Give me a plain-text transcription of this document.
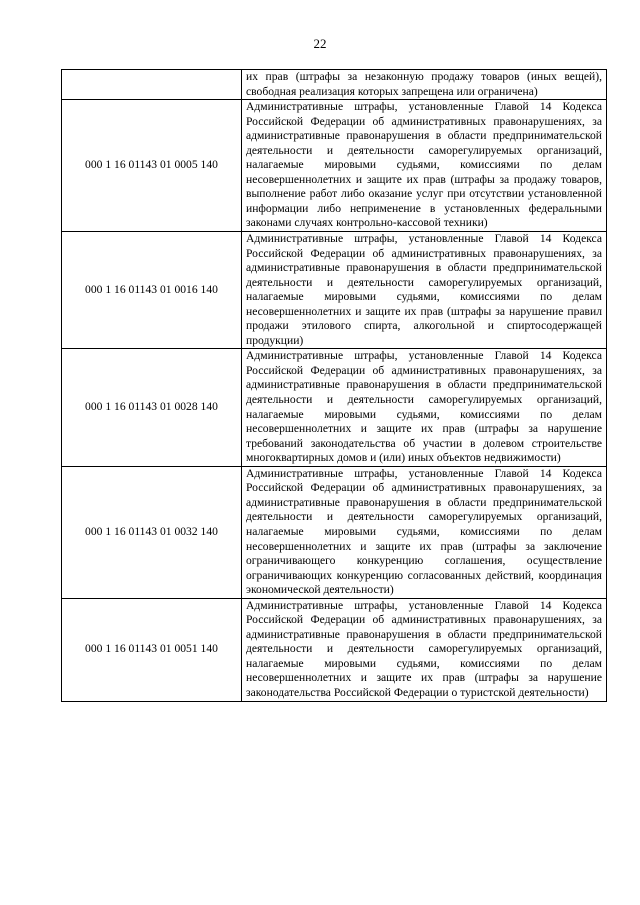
22
	их прав (штрафы за незаконную продажу товаров (иных вещей), свободная реализация которых запрещена или ограничена)
000 1 16 01143 01 0005 140	Административные штрафы, установленные Главой 14 Кодекса Российской Федерации об административных правонарушениях, за административные правонарушения в области предпринимательской деятельности и деятельности саморегулируемых организаций, налагаемые мировыми судьями, комиссиями по делам несовершеннолетних и защите их прав (штрафы за продажу товаров, выполнение работ либо оказание услуг при отсутствии установленной информации либо неприменение в установленных федеральными законами случаях контрольно-кассовой техники)
000 1 16 01143 01 0016 140	Административные штрафы, установленные Главой 14 Кодекса Российской Федерации об административных правонарушениях, за административные правонарушения в области предпринимательской деятельности и деятельности саморегулируемых организаций, налагаемые мировыми судьями, комиссиями по делам несовершеннолетних и защите их прав (штрафы за нарушение правил продажи этилового спирта, алкогольной и спиртосодержащей продукции)
000 1 16 01143 01 0028 140	Административные штрафы, установленные Главой 14 Кодекса Российской Федерации об административных правонарушениях, за административные правонарушения в области предпринимательской деятельности и деятельности саморегулируемых организаций, налагаемые мировыми судьями, комиссиями по делам несовершеннолетних и защите их прав (штрафы за нарушение требований законодательства об участии в долевом строительстве многоквартирных домов и (или) иных объектов недвижимости)
000 1 16 01143 01 0032 140	Административные штрафы, установленные Главой 14 Кодекса Российской Федерации об административных правонарушениях, за административные правонарушения в области предпринимательской деятельности и деятельности саморегулируемых организаций, налагаемые мировыми судьями, комиссиями по делам несовершеннолетних и защите их прав (штрафы за заключение ограничивающего конкуренцию соглашения, осуществление ограничивающих конкуренцию согласованных действий, координация экономической деятельности)
000 1 16 01143 01 0051 140	Административные штрафы, установленные Главой 14 Кодекса Российской Федерации об административных правонарушениях, за административные правонарушения в области предпринимательской деятельности и деятельности саморегулируемых организаций, налагаемые мировыми судьями, комиссиями по делам несовершеннолетних и защите их прав (штрафы за нарушение законодательства Российской Федерации о туристской деятельности)
